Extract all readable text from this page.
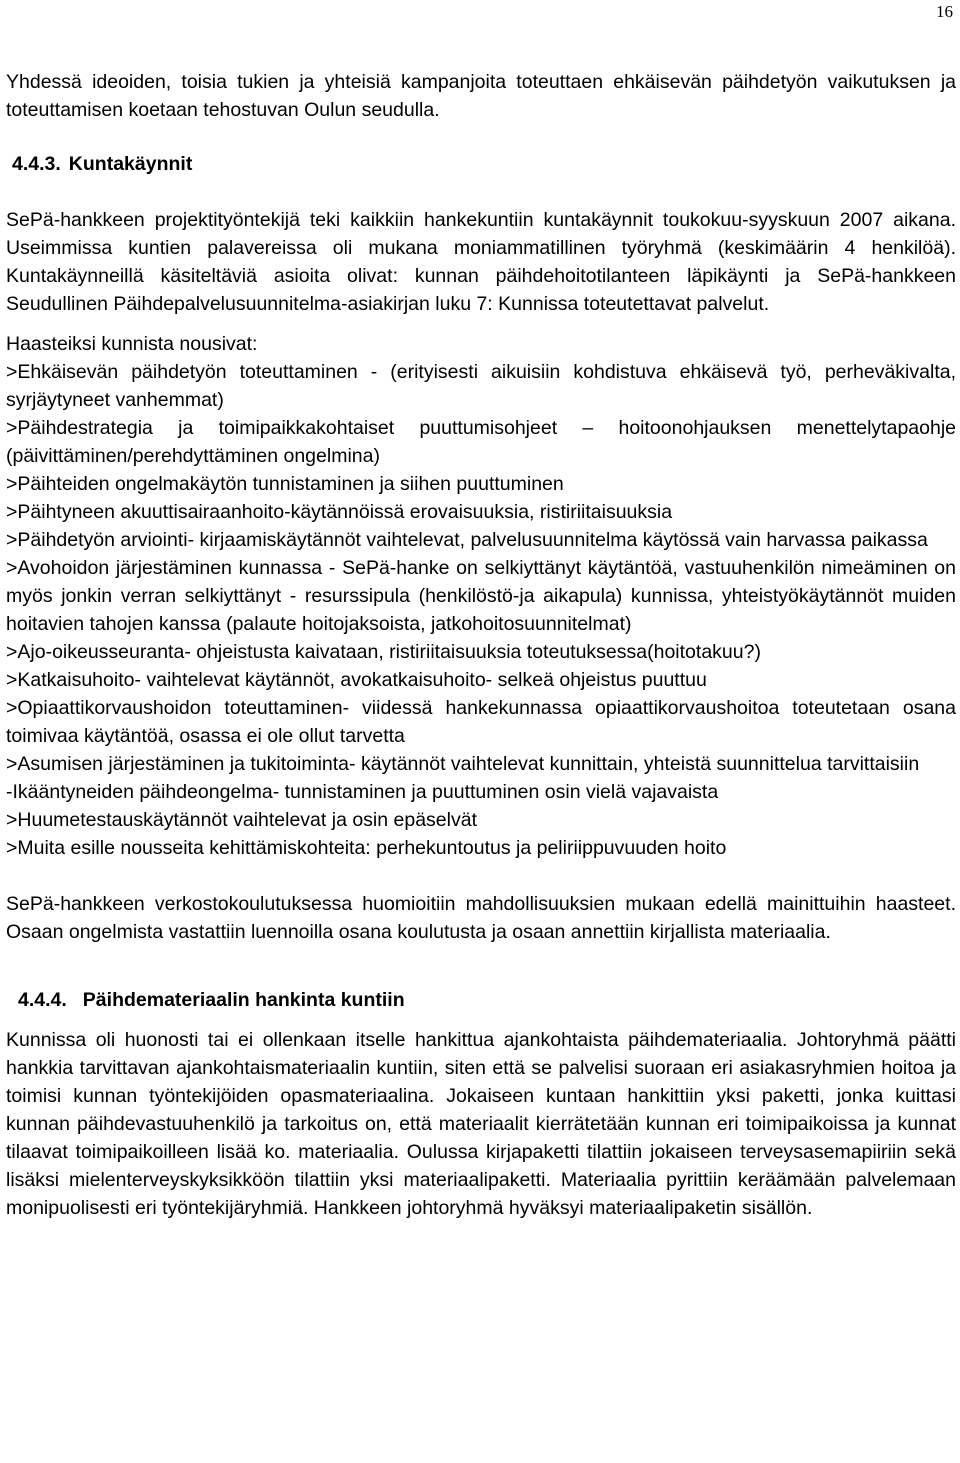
16

Yhdessä ideoiden, toisia tukien ja yhteisiä kampanjoita toteuttaen ehkäisevän päihdetyön vaikutuksen ja toteuttamisen koetaan tehostuvan Oulun seudulla.

4.4.3. Kuntakäynnit

SePä-hankkeen projektityöntekijä teki kaikkiin hankekuntiin kuntakäynnit toukokuu-syyskuun 2007 aikana. Useimmissa kuntien palavereissa oli mukana moniammatillinen työryhmä (keskimäärin 4 henkilöä). Kuntakäynneillä käsiteltäviä asioita olivat: kunnan päihdehoitotilanteen läpikäynti ja SePä-hankkeen Seudullinen Päihdepalvelusuunnitelma-asiakirjan luku 7: Kunnissa toteutettavat palvelut.

Haasteiksi kunnista nousivat:

>Ehkäisevän päihdetyön toteuttaminen - (erityisesti aikuisiin kohdistuva ehkäisevä työ, perheväkivalta, syrjäytyneet vanhemmat)

>Päihdestrategia ja toimipaikkakohtaiset puuttumisohjeet – hoitoonohjauksen menettelytapaohje (päivittäminen/perehdyttäminen ongelmina)

>Päihteiden ongelmakäytön tunnistaminen ja siihen puuttuminen

>Päihtyneen akuuttisairaanhoito-käytännöissä erovaisuuksia, ristiriitaisuuksia

>Päihdetyön arviointi- kirjaamiskäytännöt vaihtelevat, palvelusuunnitelma käytössä vain harvassa paikassa

>Avohoidon järjestäminen kunnassa - SePä-hanke on selkiyttänyt käytäntöä, vastuuhenkilön nimeäminen on myös jonkin verran selkiyttänyt - resurssipula (henkilöstö-ja aikapula) kunnissa, yhteistyökäytännöt muiden hoitavien tahojen kanssa (palaute hoitojaksoista, jatkohoitosuunnitelmat)

>Ajo-oikeusseuranta- ohjeistusta kaivataan, ristiriitaisuuksia toteutuksessa(hoitotakuu?)

>Katkaisuhoito- vaihtelevat käytännöt, avokatkaisuhoito- selkeä ohjeistus puuttuu

>Opiaattikorvaushoidon toteuttaminen- viidessä hankekunnassa opiaattikorvaushoitoa toteutetaan osana toimivaa käytäntöä, osassa ei ole ollut tarvetta

>Asumisen järjestäminen ja tukitoiminta- käytännöt vaihtelevat kunnittain, yhteistä suunnittelua tarvittaisiin

-Ikääntyneiden päihdeongelma- tunnistaminen ja puuttuminen osin vielä vajavaista

>Huumetestauskäytännöt vaihtelevat ja osin epäselvät

>Muita esille nousseita kehittämiskohteita: perhekuntoutus ja peliriippuvuuden hoito

SePä-hankkeen verkostokoulutuksessa huomioitiin mahdollisuuksien mukaan edellä mainittuihin haasteet. Osaan ongelmista vastattiin luennoilla osana koulutusta ja osaan annettiin kirjallista materiaalia.

4.4.4. Päihdemateriaalin hankinta kuntiin

Kunnissa oli huonosti tai ei ollenkaan itselle hankittua ajankohtaista päihdemateriaalia. Johtoryhmä päätti hankkia tarvittavan ajankohtaismateriaalin kuntiin, siten että se palvelisi suoraan eri asiakasryhmien hoitoa ja toimisi kunnan työntekijöiden opasmateriaalina. Jokaiseen kuntaan hankittiin yksi paketti, jonka kuittasi kunnan päihdevastuuhenkilö ja tarkoitus on, että materiaalit kierrätetään kunnan eri toimipaikoissa ja kunnat tilaavat toimipaikoilleen lisää ko. materiaalia. Oulussa kirjapaketti tilattiin jokaiseen terveysasemapiiriin sekä lisäksi mielenterveyskyksikköön tilattiin yksi materiaalipaketti. Materiaalia pyrittiin keräämään palvelemaan monipuolisesti eri työntekijäryhmiä. Hankkeen johtoryhmä hyväksyi materiaalipaketin sisällön.
